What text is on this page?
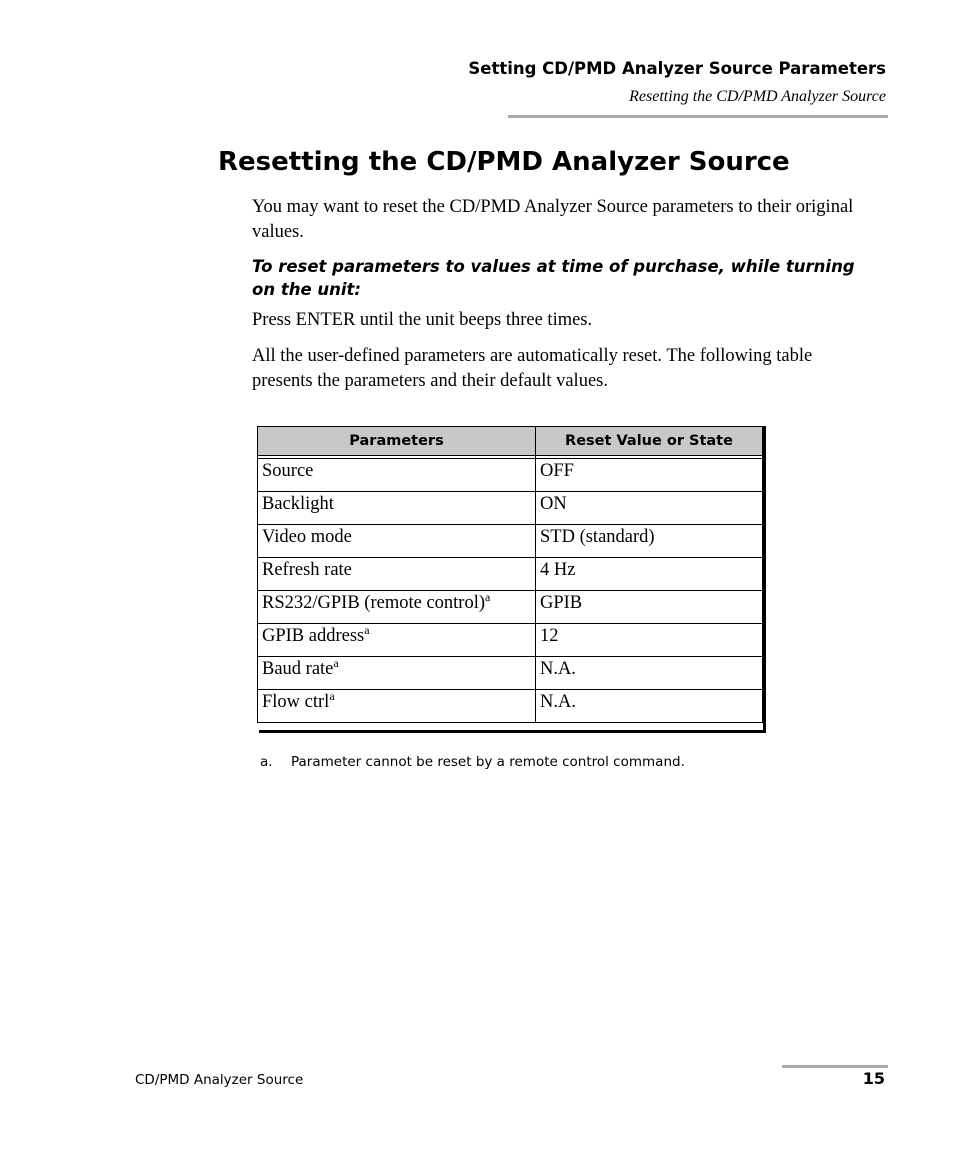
Setting CD/PMD Analyzer Source Parameters
Resetting the CD/PMD Analyzer Source
Resetting the CD/PMD Analyzer Source

You may want to reset the CD/PMD Analyzer Source parameters to their original values.

To reset parameters to values at time of purchase, while turning on the unit:

Press ENTER until the unit beeps three times.

All the user-defined parameters are automatically reset. The following table presents the parameters and their default values.

Parameters	Reset Value or State

Source	OFF
Backlight	ON
Video mode	STD (standard)
Refresh rate	4 Hz
RS232/GPIB (remote control)$^a$	GPIB
GPIB address$^a$	12
Baud rate$^a$	N.A.
Flow ctrl$^a$	N.A.
a. Parameter cannot be reset by a remote control command.
CD/PMD Analyzer Source	15
